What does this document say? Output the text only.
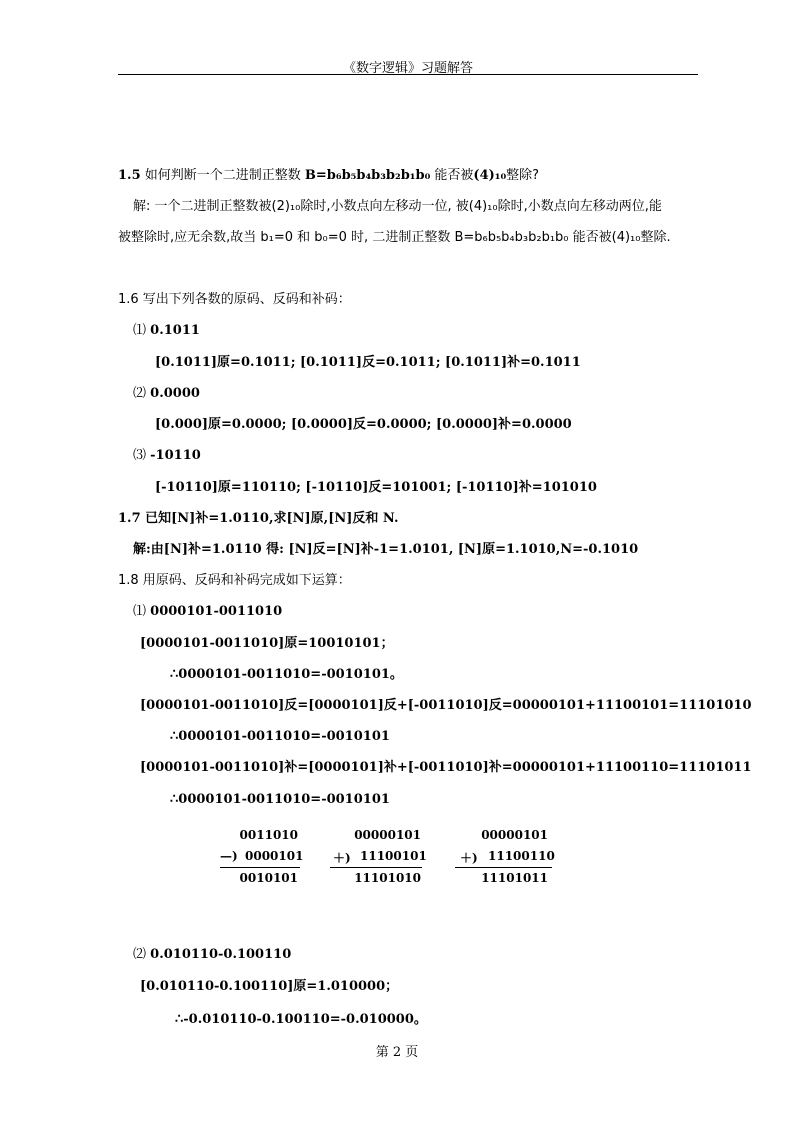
《数字逻辑》习题解答
1.5 如何判断一个二进制正整数 B=b₆b₅b₄b₃b₂b₁b₀ 能否被(4)₁₀整除?
解: 一个二进制正整数被(2)₁₀除时,小数点向左移动一位, 被(4)₁₀除时,小数点向左移动两位,能
被整除时,应无余数,故当 b₁=0 和 b₀=0 时, 二进制正整数 B=b₆b₅b₄b₃b₂b₁b₀ 能否被(4)₁₀整除.
1.6 写出下列各数的原码、反码和补码：
⑴ 0.1011
[0.1011]原=0.1011; [0.1011]反=0.1011; [0.1011]补=0.1011
⑵ 0.0000
[0.000]原=0.0000; [0.0000]反=0.0000; [0.0000]补=0.0000
⑶ -10110
[-10110]原=110110; [-10110]反=101001; [-10110]补=101010
1.7 已知[N]补=1.0110,求[N]原,[N]反和 N.
解:由[N]补=1.0110 得: [N]反=[N]补-1=1.0101, [N]原=1.1010,N=-0.1010
1.8 用原码、反码和补码完成如下运算：
⑴ 0000101-0011010
[0000101-0011010]原=10010101；
∴0000101-0011010=-0010101。
[0000101-0011010]反=[0000101]反+[-0011010]反=00000101+11100101=11101010
∴0000101-0011010=-0010101
[0000101-0011010]补=[0000101]补+[-0011010]补=00000101+11100110=11101011
∴0000101-0011010=-0010101
0011010
—) 0000101
0010101
00000101
＋) 11100101
11101010
00000101
＋) 11100110
11101011
⑵ 0.010110-0.100110
[0.010110-0.100110]原=1.010000；
∴-0.010110-0.100110=-0.010000。
第 2 页
